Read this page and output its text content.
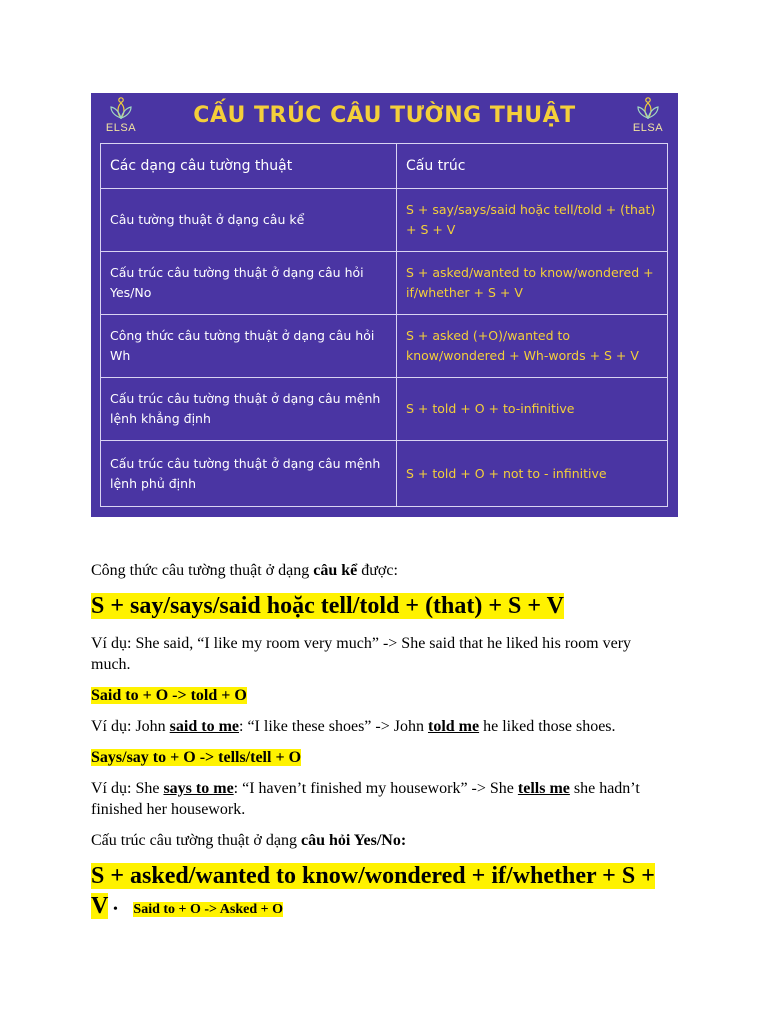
ELSA	CẤU TRÚC CÂU TƯỜNG THUẬT	ELSA
Các dạng câu tường thuật	Cấu trúc
Câu tường thuật ở dạng câu kể	S + say/says/said hoặc tell/told + (that) + S + V
Cấu trúc câu tường thuật ở dạng câu hỏi Yes/No	S + asked/wanted to know/wondered + if/whether + S + V
Công thức câu tường thuật ở dạng câu hỏi Wh	S + asked (+O)/wanted to know/wondered + Wh-words + S + V
Cấu trúc câu tường thuật ở dạng câu mệnh lệnh khẳng định	S + told + O + to-infinitive
Cấu trúc câu tường thuật ở dạng câu mệnh lệnh phủ định	S + told + O + not to - infinitive
Công thức câu tường thuật ở dạng câu kể được:
S + say/says/said hoặc tell/told + (that) + S + V
Ví dụ: She said, “I like my room very much” -> She said that he liked his room very much.
Said to + O -> told + O
Ví dụ: John said to me: “I like these shoes” -> John told me he liked those shoes.
Says/say to + O -> tells/tell + O
Ví dụ: She says to me: “I haven’t finished my housework” -> She tells me she hadn’t finished her housework.
Cấu trúc câu tường thuật ở dạng câu hỏi Yes/No:
S + asked/wanted to know/wondered + if/whether + S + V • Said to + O -> Asked + O
